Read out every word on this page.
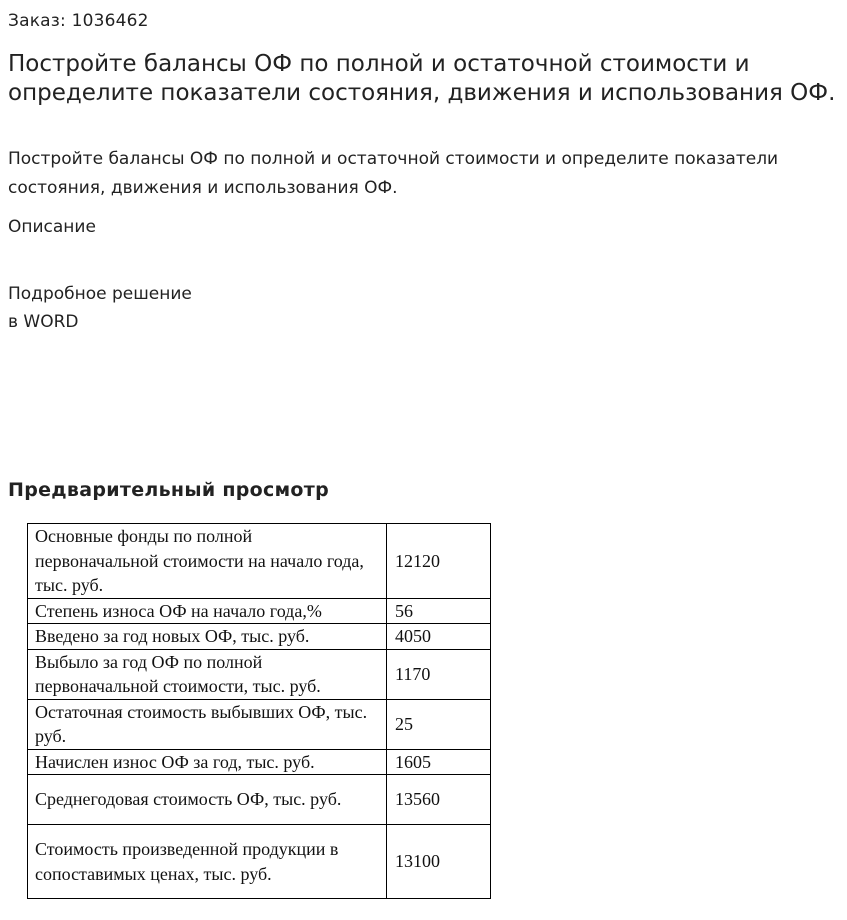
Заказ: 1036462
Постройте балансы ОФ по полной и остаточной стоимости и определите показатели состояния, движения и использования ОФ.

Постройте балансы ОФ по полной и остаточной стоимости и определите показатели состояния, движения и использования ОФ.

Описание
Подробное решение
в WORD
Предварительный просмотр
Основные фонды по полной первоначальной стоимости на начало года, тыс. руб.	12120
Степень износа ОФ на начало года,%	56
Введено за год новых ОФ, тыс. руб.	4050
Выбыло за год ОФ по полной первоначальной стоимости, тыс. руб.	1170
Остаточная стоимость выбывших ОФ, тыс. руб.	25
Начислен износ ОФ за год, тыс. руб.	1605
Среднегодовая стоимость ОФ, тыс. руб.	13560
Стоимость произведенной продукции в сопоставимых ценах, тыс. руб.	13100
